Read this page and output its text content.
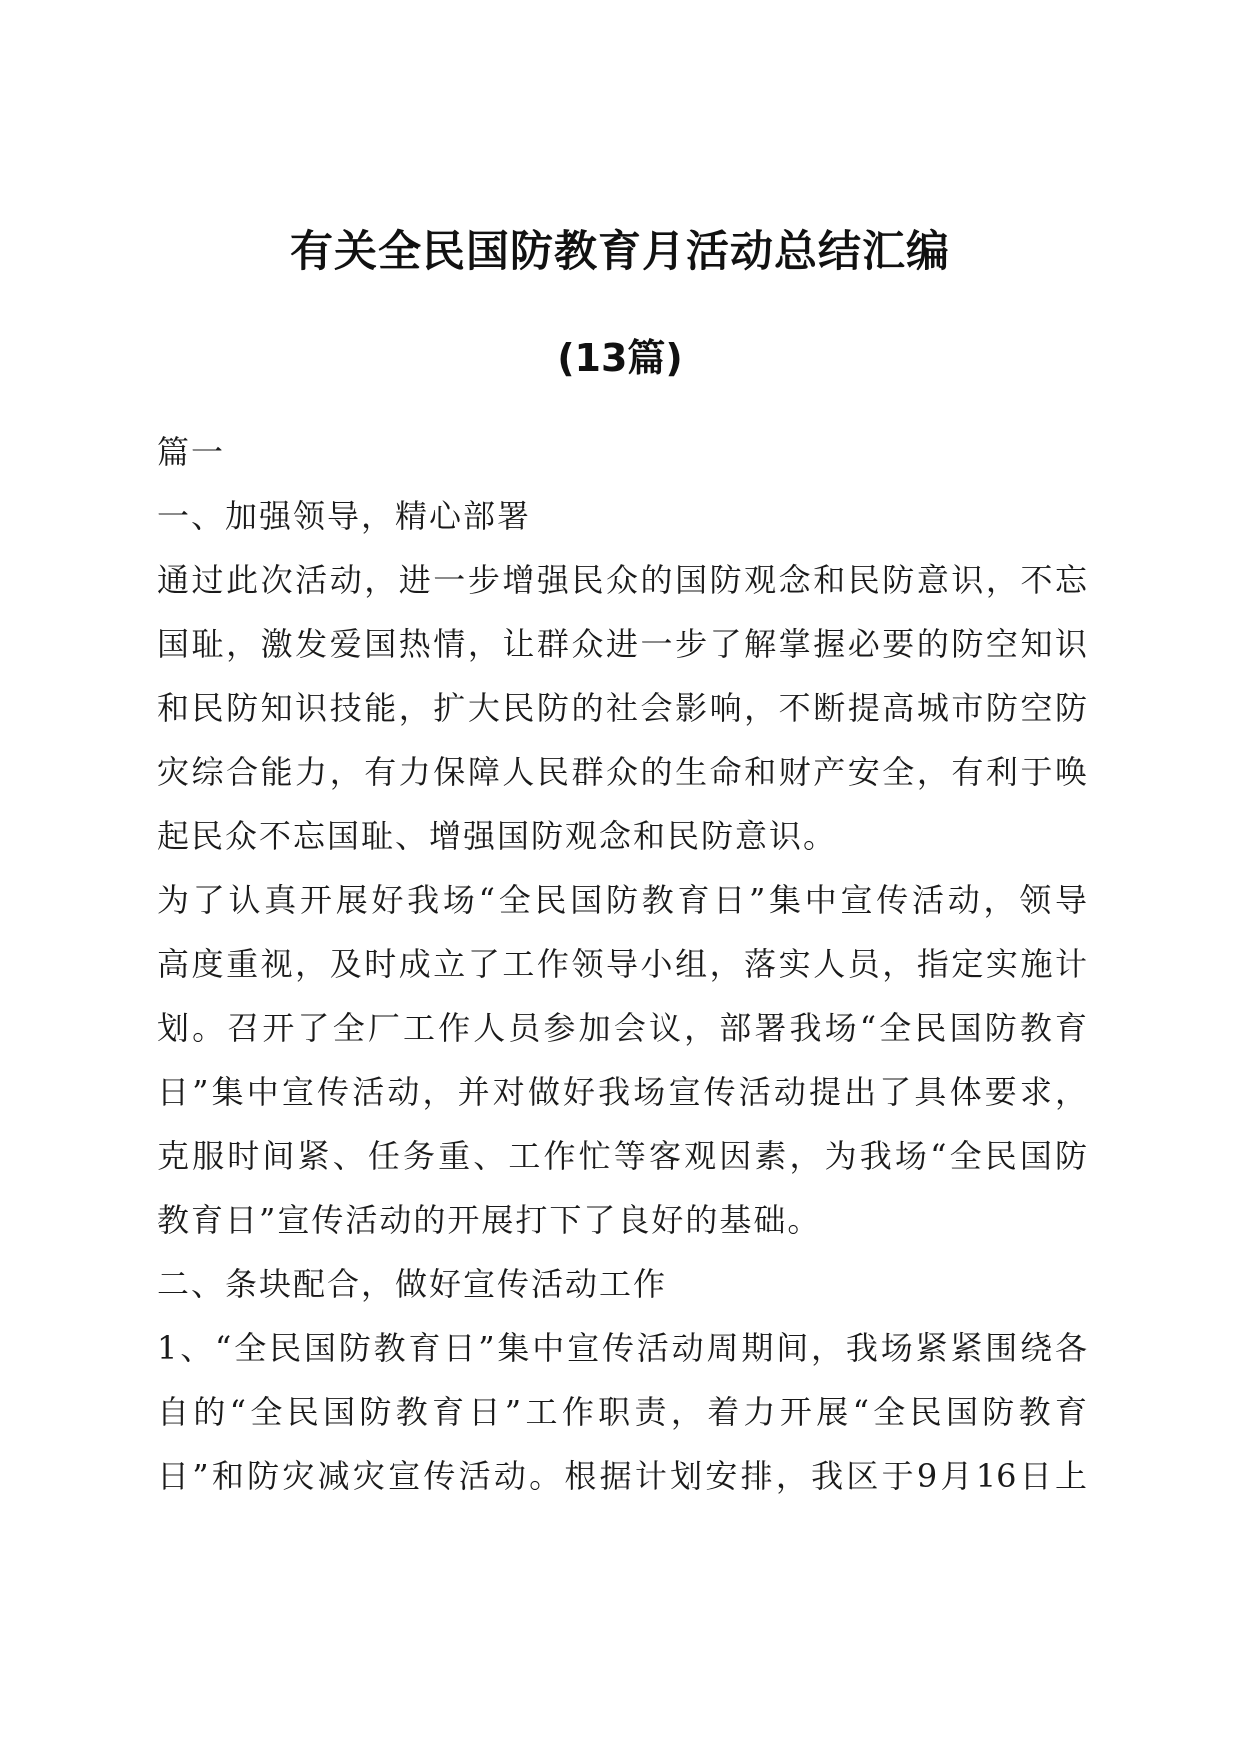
有关全民国防教育月活动总结汇编
(13篇)
篇一
一、加强领导，精心部署
通过此次活动，进一步增强民众的国防观念和民防意识，不忘
国耻，激发爱国热情，让群众进一步了解掌握必要的防空知识
和民防知识技能，扩大民防的社会影响，不断提高城市防空防
灾综合能力，有力保障人民群众的生命和财产安全，有利于唤
起民众不忘国耻、增强国防观念和民防意识。
为了认真开展好我场“全民国防教育日”集中宣传活动，领导
高度重视，及时成立了工作领导小组，落实人员，指定实施计
划。召开了全厂工作人员参加会议，部署我场“全民国防教育
日”集中宣传活动，并对做好我场宣传活动提出了具体要求，
克服时间紧、任务重、工作忙等客观因素，为我场“全民国防
教育日”宣传活动的开展打下了良好的基础。
二、条块配合，做好宣传活动工作
1、“全民国防教育日”集中宣传活动周期间，我场紧紧围绕各
自的“全民国防教育日”工作职责，着力开展“全民国防教育
日”和防灾减灾宣传活动。根据计划安排，我区于9月16日上
